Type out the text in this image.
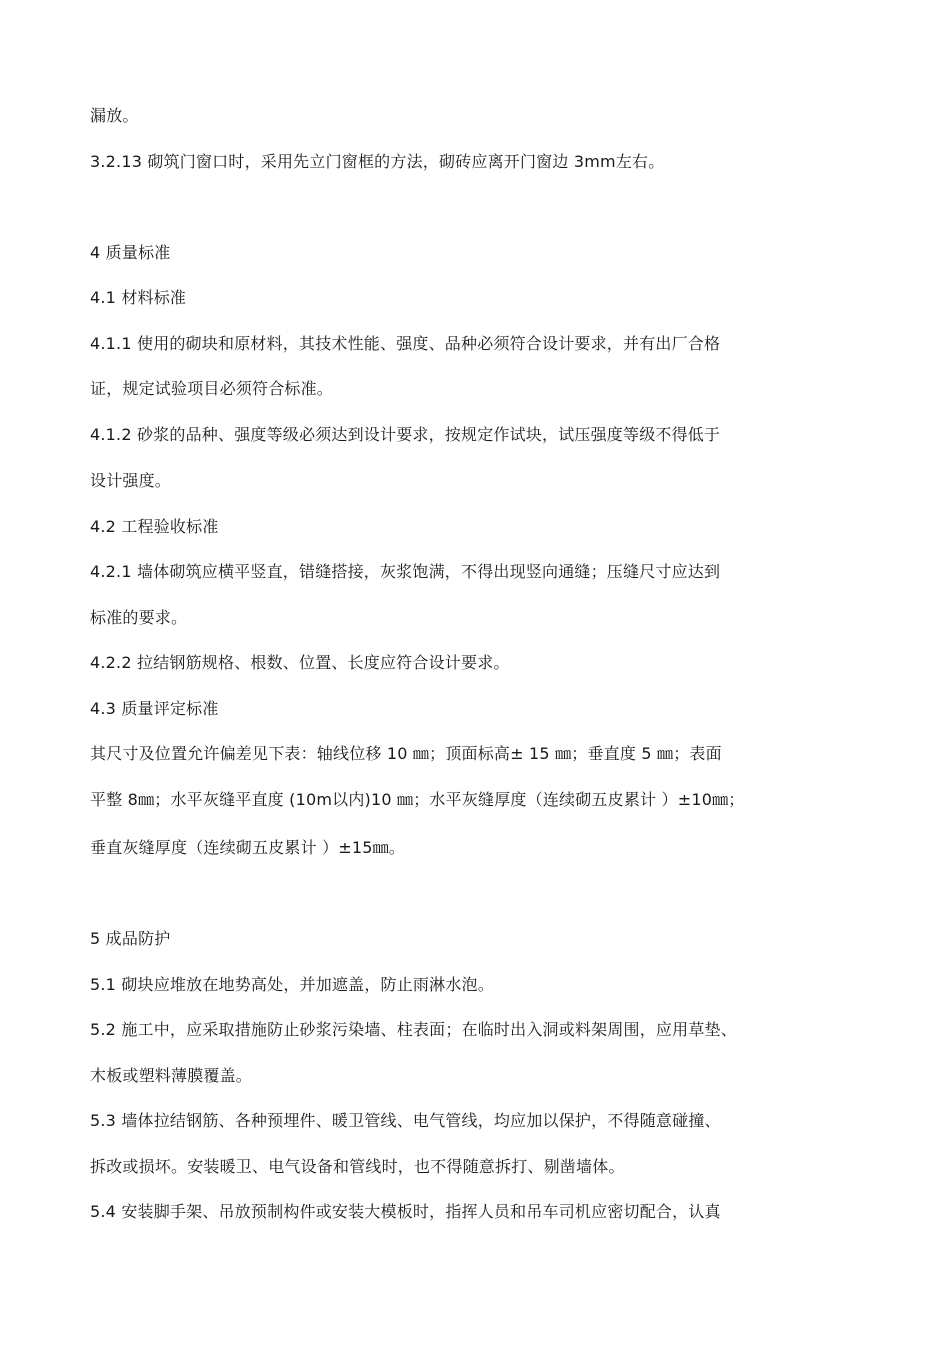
漏放。
3.2.13 砌筑门窗口时，采用先立门窗框的方法，砌砖应离开门窗边 3mm左右。
4 质量标准
4.1 材料标准
4.1.1 使用的砌块和原材料，其技术性能、强度、品种必须符合设计要求，并有出厂合格
证，规定试验项目必须符合标准。
4.1.2 砂浆的品种、强度等级必须达到设计要求，按规定作试块，试压强度等级不得低于
设计强度。
4.2 工程验收标准
4.2.1 墙体砌筑应横平竖直，错缝搭接，灰浆饱满，不得出现竖向通缝；压缝尺寸应达到
标准的要求。
4.2.2 拉结钢筋规格、根数、位置、长度应符合设计要求。
4.3 质量评定标准
其尺寸及位置允许偏差见下表：轴线位移 10 ㎜；顶面标高± 15 ㎜；垂直度 5 ㎜；表面
平整 8㎜；水平灰缝平直度 (10m以内)10 ㎜；水平灰缝厚度（连续砌五皮累计 ）±10㎜；
垂直灰缝厚度（连续砌五皮累计 ）±15㎜。
5 成品防护
5.1 砌块应堆放在地势高处，并加遮盖，防止雨淋水泡。
5.2 施工中，应采取措施防止砂浆污染墙、柱表面；在临时出入洞或料架周围，应用草垫、
木板或塑料薄膜覆盖。
5.3 墙体拉结钢筋、各种预埋件、暖卫管线、电气管线，均应加以保护，不得随意碰撞、
拆改或损坏。安装暖卫、电气设备和管线时，也不得随意拆打、剔凿墙体。
5.4 安装脚手架、吊放预制构件或安装大模板时，指挥人员和吊车司机应密切配合，认真
